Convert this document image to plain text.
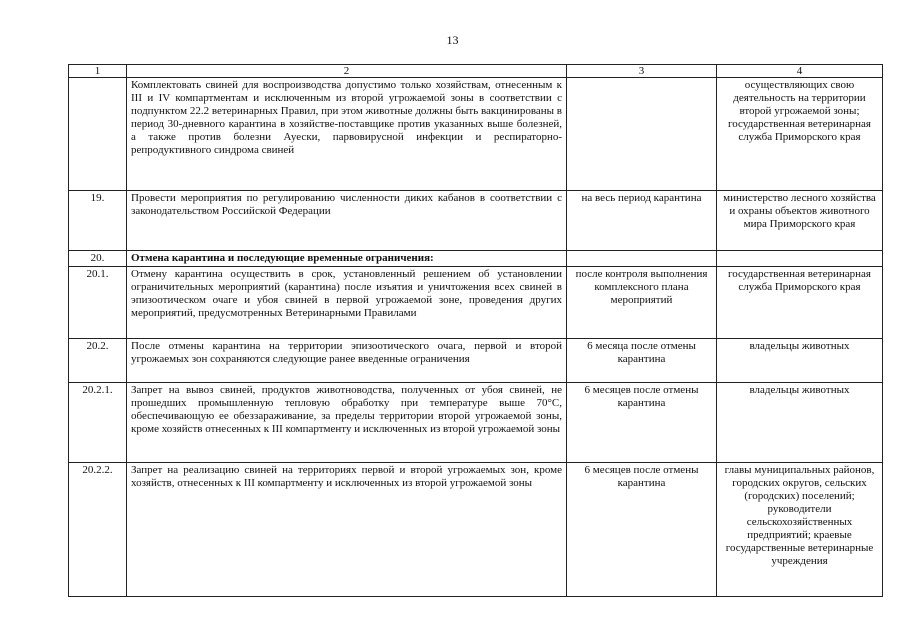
13
1	2	3	4
	Комплектовать свиней для воспроизводства допустимо только хозяйствам, отнесенным к III и IV компартментам и исключенным из второй угрожаемой зоны в соответствии с подпунктом 22.2 ветеринарных Правил, при этом животные должны быть вакцинированы в период 30-дневного карантина в хозяйстве-поставщике против указанных выше болезней, а также против болезни Ауески, парвовирусной инфекции и респираторно-репродуктивного синдрома свиней		осуществляющих свою деятельность на территории второй угрожаемой зоны; государственная ветеринарная служба Приморского края
19.	Провести мероприятия по регулированию численности диких кабанов в соответствии с законодательством Российской Федерации	на весь период карантина	министерство лесного хозяйства и охраны объектов животного мира Приморского края
20.	Отмена карантина и последующие временные ограничения:		
20.1.	Отмену карантина осуществить в срок, установленный решением об установлении ограничительных мероприятий (карантина) после изъятия и уничтожения всех свиней в эпизоотическом очаге и убоя свиней в первой угрожаемой зоне, проведения других мероприятий, предусмотренных Ветеринарными Правилами	после контроля выполнения комплексного плана мероприятий	государственная ветеринарная служба Приморского края
20.2.	После отмены карантина на территории эпизоотического очага, первой и второй угрожаемых зон сохраняются следующие ранее введенные ограничения	6 месяца после отмены карантина	владельцы животных
20.2.1.	Запрет на вывоз свиней, продуктов животноводства, полученных от убоя свиней, не прошедших промышленную тепловую обработку при температуре выше 70°C, обеспечивающую ее обеззараживание, за пределы территории второй угрожаемой зоны, кроме хозяйств отнесенных к III компартменту и исключенных из второй угрожаемой зоны	6 месяцев после отмены карантина	владельцы животных
20.2.2.	Запрет на реализацию свиней на территориях первой и второй угрожаемых зон, кроме хозяйств, отнесенных к III компартменту и исключенных из второй угрожаемой зоны	6 месяцев после отмены карантина	главы муниципальных районов, городских округов, сельских (городских) поселений; руководители сельскохозяйственных предприятий; краевые государственные ветеринарные учреждения
